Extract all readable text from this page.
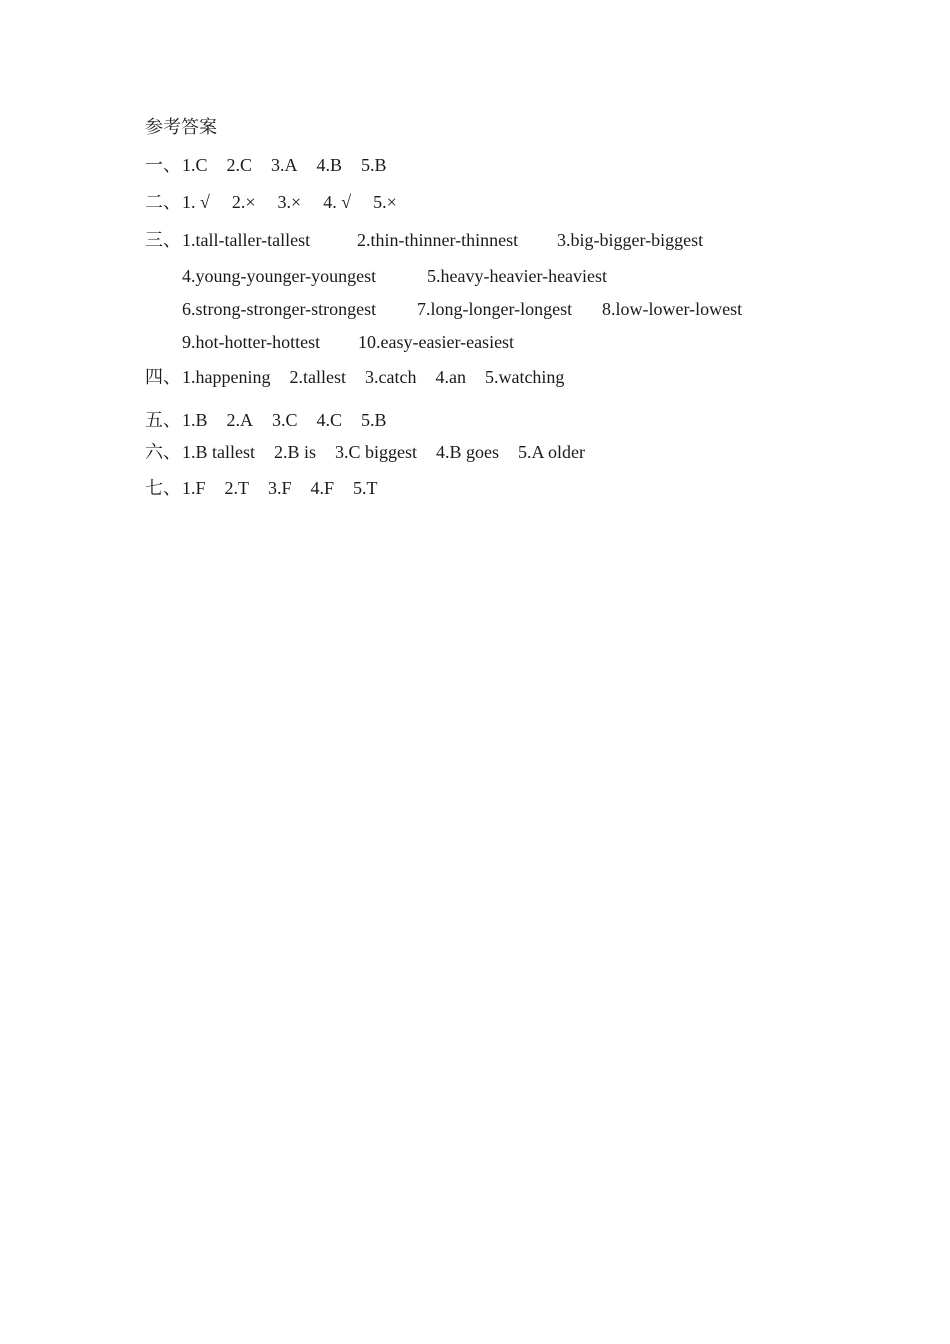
参考答案
一、1.C 2.C 3.A 4.B 5.B
二、1. √ 2.× 3.× 4. √ 5.×
三、 1.tall-taller-tallest	2.thin-thinner-thinnest 3.big-bigger-biggest
4.young-younger-youngest	5.heavy-heavier-heaviest
6.strong-stronger-strongest 7.long-longer-longest 8.low-lower-lowest
9.hot-hotter-hottest 10.easy-easier-easiest
四、1.happening 2.tallest 3.catch 4.an 5.watching
五、1.B 2.A 3.C 4.C 5.B
六、1.B tallest 2.B is 3.C biggest 4.B goes 5.A older
七、1.F 2.T 3.F 4.F 5.T
